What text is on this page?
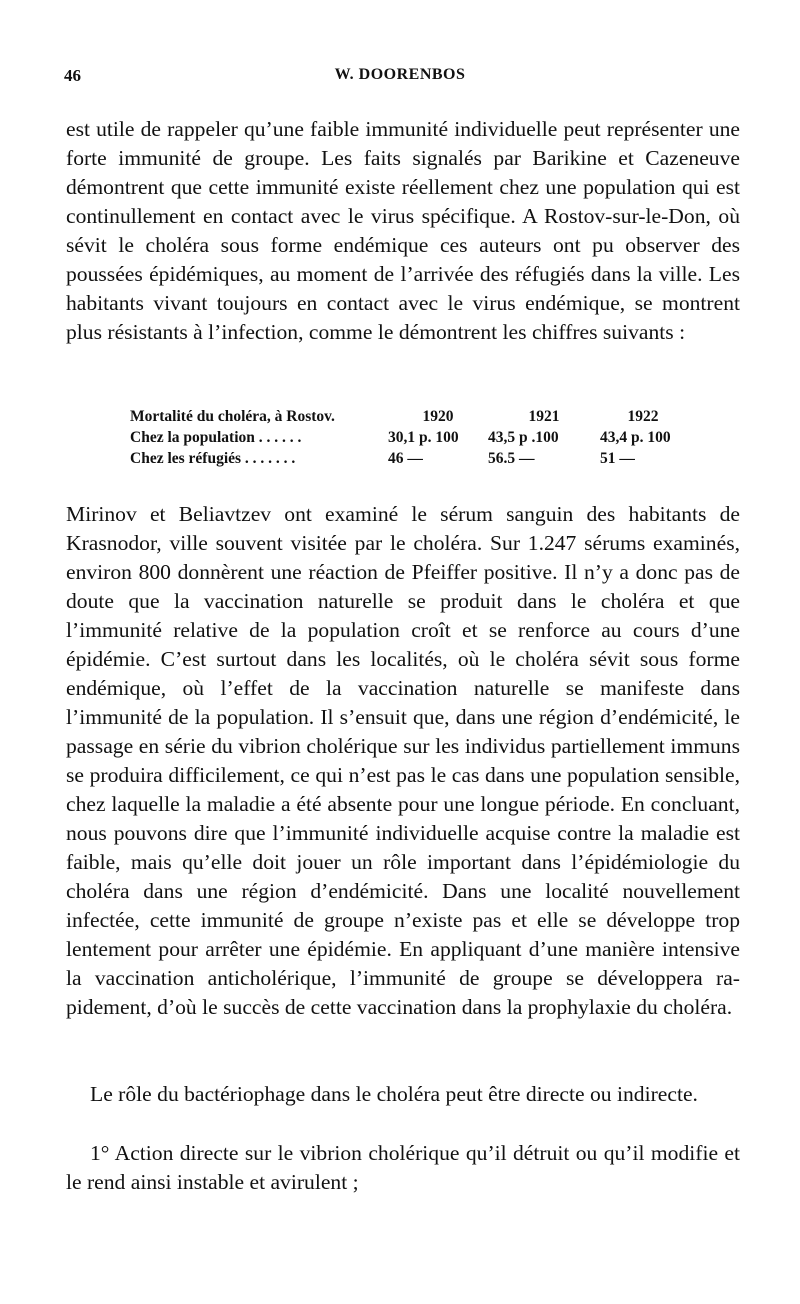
46	W. DOORENBOS

est utile de rappeler qu’une faible immunité individuelle peut représenter une forte immunité de groupe. Les faits signalés par Barikine et Cazeneuve démontrent que cette immunité existe réellement chez une population qui est continullement en contact avec le virus spécifique. A Rostov-sur-le-Don, où sévit le choléra sous forme endémique ces auteurs ont pu observer des poussées épidémiques, au moment de l’arrivée des réfugiés dans la ville. Les habitants vivant toujours en contact avec le virus endémique, se montrent plus résistants à l’infection, comme le démontrent les chiffres suivants :

Mortalité du choléra, à Rostov.	1920	1921	1922
Chez la population . . . . . .	30,1 p. 100	43,5 p .100	43,4 p. 100
Chez les réfugiés . . . . . . .	46 —	56.5 —	51 —

Mirinov et Beliavtzev ont examiné le sérum sanguin des habitants de Krasnodor, ville souvent visitée par le choléra. Sur 1.247 sérums examinés, environ 800 donnèrent une réaction de Pfeiffer positive. Il n’y a donc pas de doute que la vaccination naturelle se produit dans le choléra et que l’immunité relative de la population croît et se renforce au cours d’une épidémie. C’est surtout dans les localités, où le choléra sévit sous forme endémique, où l’effet de la vaccination naturelle se manifeste dans l’immunité de la population. Il s’ensuit que, dans une région d’endémicité, le passage en série du vibrion cholérique sur les individus partiellement immuns se produira difficilement, ce qui n’est pas le cas dans une population sensible, chez laquelle la maladie a été absente pour une longue période. En concluant, nous pouvons dire que l’immunité individuelle acquise contre la maladie est faible, mais qu’elle doit jouer un rôle important dans l’épidémiologie du choléra dans une région d’endémicité. Dans une localité nouvellement infectée, cette immunité de groupe n’existe pas et elle se développe trop lentement pour arrêter une épidémie. En appliquant d’une manière intensive la vaccination anticholérique, l’immunité de groupe se développera rapidement, d’où le succès de cette vaccination dans la prophylaxie du choléra.

Le rôle du bactériophage dans le choléra peut être directe ou indirecte.

1° Action directe sur le vibrion cholérique qu’il détruit ou qu’il modifie et le rend ainsi instable et avirulent ;
